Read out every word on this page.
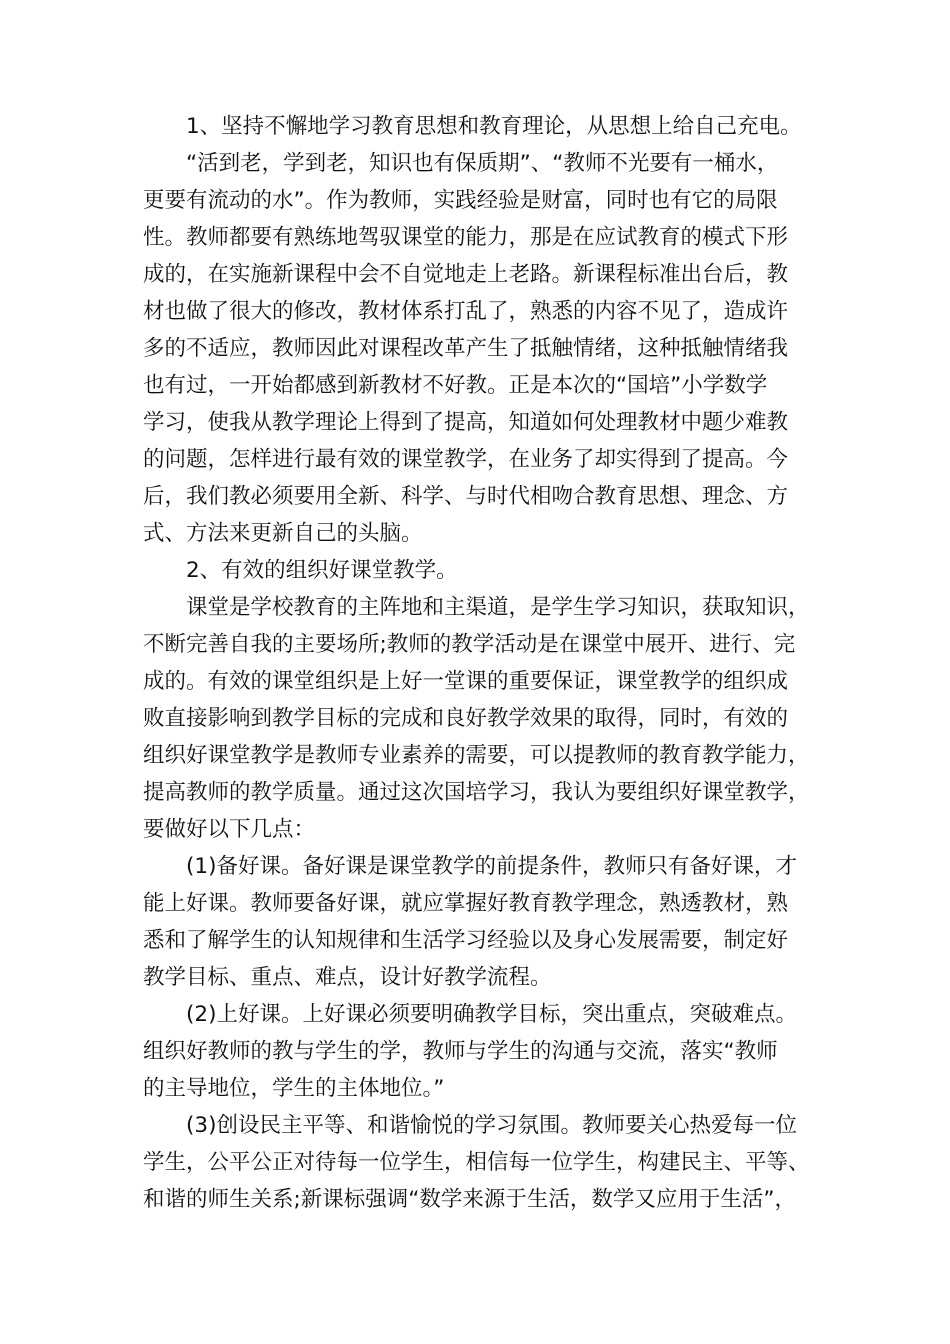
1、坚持不懈地学习教育思想和教育理论，从思想上给自己充电。
“活到老，学到老，知识也有保质期”、“教师不光要有一桶水，
更要有流动的水”。作为教师，实践经验是财富，同时也有它的局限
性。教师都要有熟练地驾驭课堂的能力，那是在应试教育的模式下形
成的，在实施新课程中会不自觉地走上老路。新课程标准出台后，教
材也做了很大的修改，教材体系打乱了，熟悉的内容不见了，造成许
多的不适应，教师因此对课程改革产生了抵触情绪，这种抵触情绪我
也有过，一开始都感到新教材不好教。正是本次的“国培”小学数学
学习，使我从教学理论上得到了提高，知道如何处理教材中题少难教
的问题，怎样进行最有效的课堂教学，在业务了却实得到了提高。今
后，我们教必须要用全新、科学、与时代相吻合教育思想、理念、方
式、方法来更新自己的头脑。
2、有效的组织好课堂教学。
课堂是学校教育的主阵地和主渠道，是学生学习知识，获取知识，
不断完善自我的主要场所;教师的教学活动是在课堂中展开、进行、完
成的。有效的课堂组织是上好一堂课的重要保证，课堂教学的组织成
败直接影响到教学目标的完成和良好教学效果的取得，同时，有效的
组织好课堂教学是教师专业素养的需要，可以提教师的教育教学能力，
提高教师的教学质量。通过这次国培学习，我认为要组织好课堂教学，
要做好以下几点：
(1)备好课。备好课是课堂教学的前提条件，教师只有备好课，才
能上好课。教师要备好课，就应掌握好教育教学理念，熟透教材，熟
悉和了解学生的认知规律和生活学习经验以及身心发展需要，制定好
教学目标、重点、难点，设计好教学流程。
(2)上好课。上好课必须要明确教学目标，突出重点，突破难点。
组织好教师的教与学生的学，教师与学生的沟通与交流，落实“教师
的主导地位，学生的主体地位。”
(3)创设民主平等、和谐愉悦的学习氛围。教师要关心热爱每一位
学生，公平公正对待每一位学生，相信每一位学生，构建民主、平等、
和谐的师生关系;新课标强调“数学来源于生活，数学又应用于生活”，
